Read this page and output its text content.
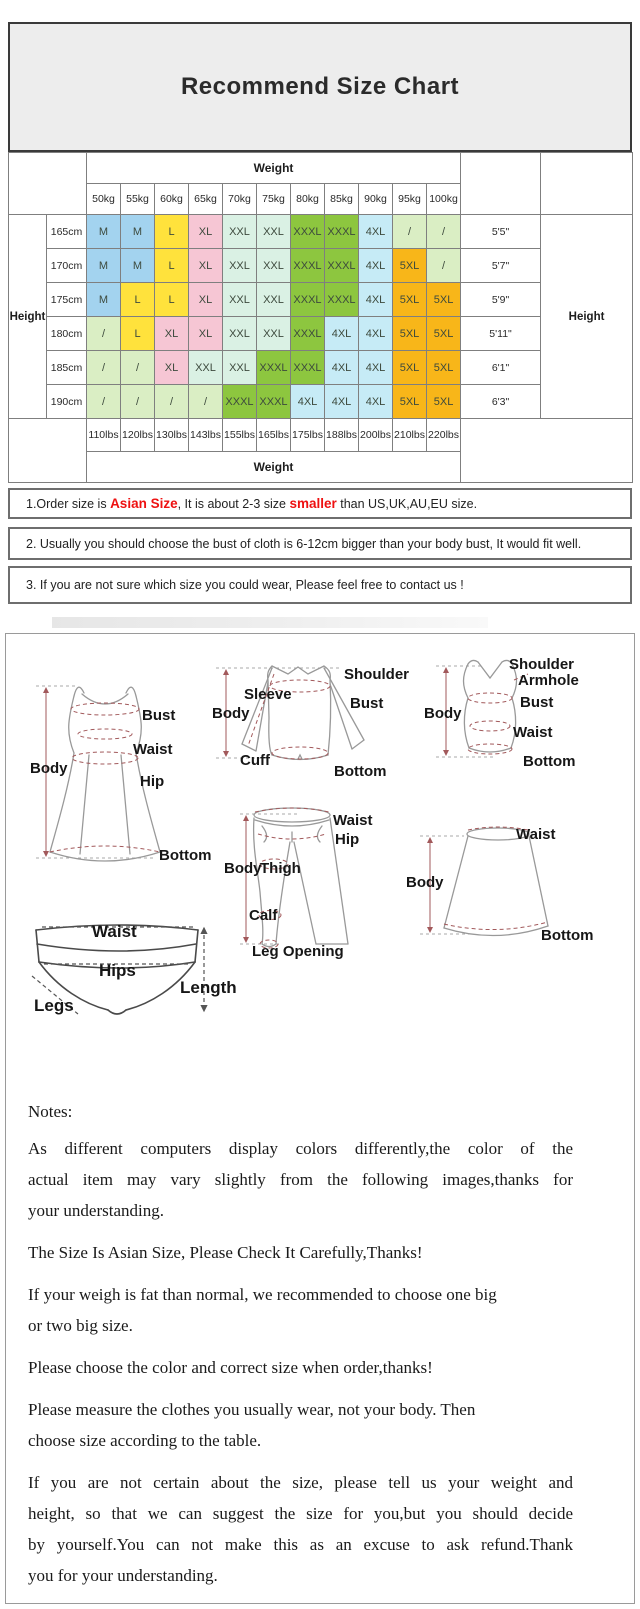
Recommend Size Chart
		Weight												
		50kg	55kg	60kg	65kg	70kg	75kg	80kg	85kg	90kg	95kg	100kg		
Height	165cm	M	M	L	XL	XXL	XXL	XXXL	XXXL	4XL	/	/	5'5"	Height
	170cm	M	M	L	XL	XXL	XXL	XXXL	XXXL	4XL	5XL	/	5'7"	
	175cm	M	L	L	XL	XXL	XXL	XXXL	XXXL	4XL	5XL	5XL	5'9"	
	180cm	/	L	XL	XL	XXL	XXL	XXXL	4XL	4XL	5XL	5XL	5'11"	
	185cm	/	/	XL	XXL	XXL	XXXL	XXXL	4XL	4XL	5XL	5XL	6'1"	
	190cm	/	/	/	/	XXXL	XXXL	4XL	4XL	4XL	5XL	5XL	6'3"	
		110lbs	120lbs	130lbs	143lbs	155lbs	165lbs	175lbs	188lbs	200lbs	210lbs	220lbs		
		Weight												
1.Order size is Asian Size , It is about 2-3 size smaller than US,UK,AU,EU size.
2. Usually you should choose the bust of cloth is 6-12cm bigger than your body bust, It would fit well.
3. If you are not sure which size you could wear, Please feel free to contact us !
Notes:
As different computers display colors differently,the color of the
actual item may vary slightly from the following images,thanks for
your understanding.
The Size Is Asian Size, Please Check It Carefully,Thanks!
If your weigh is fat than normal, we recommended to choose one big
or two big size.
Please choose the color and correct size when order,thanks!
Please measure the clothes you usually wear, not your body. Then
choose size according to the table.
If you are not certain about the size, please tell us your weight and
height, so that we can suggest the size for you,but you should decide
by yourself.You can not make this as an excuse to ask refund.Thank
you for your understanding.
Bust
Waist
Body
Hip
Bottom
Shoulder
Sleeve
Body
Bust
Cuff
Bottom
Shoulder
Armhole
Bust
Body
Waist
Bottom
Waist
Hip
Body
Thigh
Calf
Leg Opening
Waist
Body
Bottom
Waist
Hips
Legs
Length
